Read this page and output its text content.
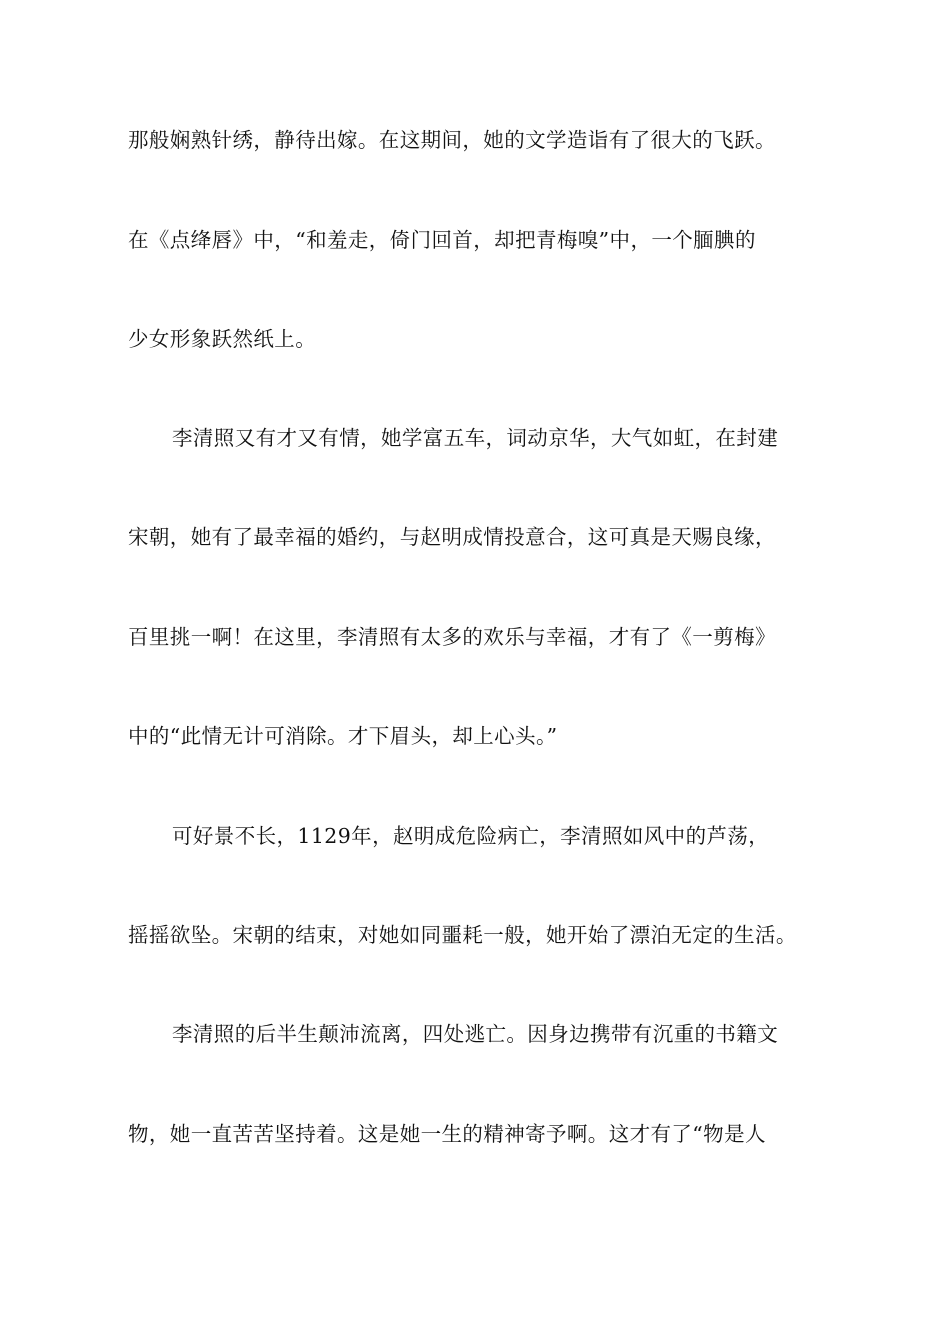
那般娴熟针绣，静待出嫁。在这期间，她的文学造诣有了很大的飞跃。

在《点绛唇》中，“和羞走，倚门回首，却把青梅嗅”中，一个腼腆的

少女形象跃然纸上。

李清照又有才又有情，她学富五车，词动京华，大气如虹，在封建

宋朝，她有了最幸福的婚约，与赵明成情投意合，这可真是天赐良缘，

百里挑一啊！在这里，李清照有太多的欢乐与幸福，才有了《一剪梅》

中的“此情无计可消除。才下眉头，却上心头。”

可好景不长，1129年，赵明成危险病亡，李清照如风中的芦荡，

摇摇欲坠。宋朝的结束，对她如同噩耗一般，她开始了漂泊无定的生活。

李清照的后半生颠沛流离，四处逃亡。因身边携带有沉重的书籍文

物，她一直苦苦坚持着。这是她一生的精神寄予啊。这才有了“物是人
